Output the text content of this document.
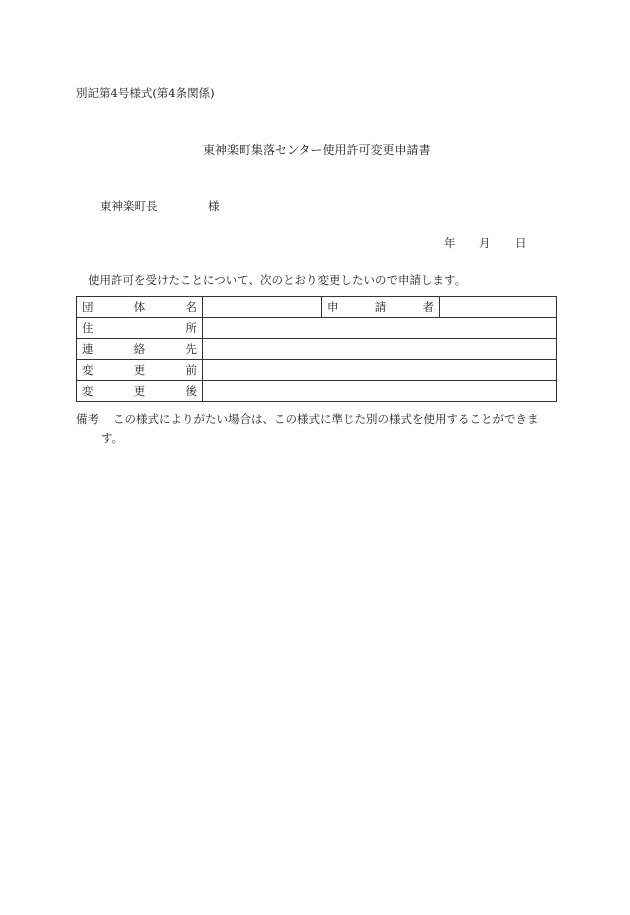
別記第4号様式(第4条関係)
東神楽町集落センター使用許可変更申請書
東神楽町長	様
年 月 日
使用許可を受けたことについて、次のとおり変更したいので申請します。
団 体 名		申 請 者	

住 所			

連 絡 先			

変 更 前			

変 更 後			

備考 この様式によりがたい場合は、この様式に準じた別の様式を使用することができま
す。
